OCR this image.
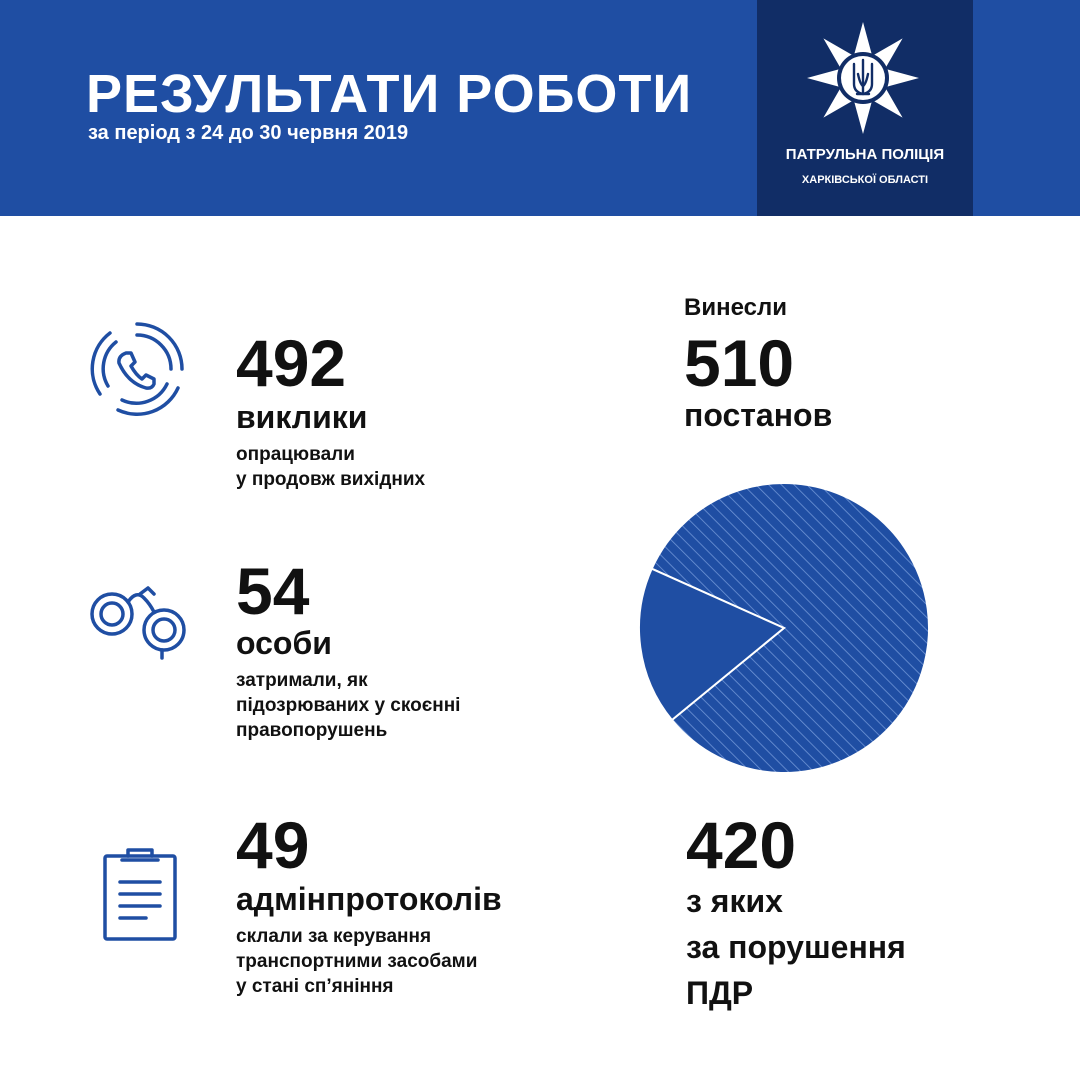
РЕЗУЛЬТАТИ РОБОТИ
за період з 24 до 30 червня 2019
ПАТРУЛЬНА ПОЛІЦІЯ
ХАРКІВСЬКОЇ ОБЛАСТІ
492
виклики
опрацювали
у продовж вихідних
54
особи
затримали, як
підозрюваних у скоєнні
правопорушень
49
адмінпротоколів
склали за керування
транспортними засобами
у стані сп’яніння
Винесли
510
постанов
420
з яких
за порушення
ПДР
